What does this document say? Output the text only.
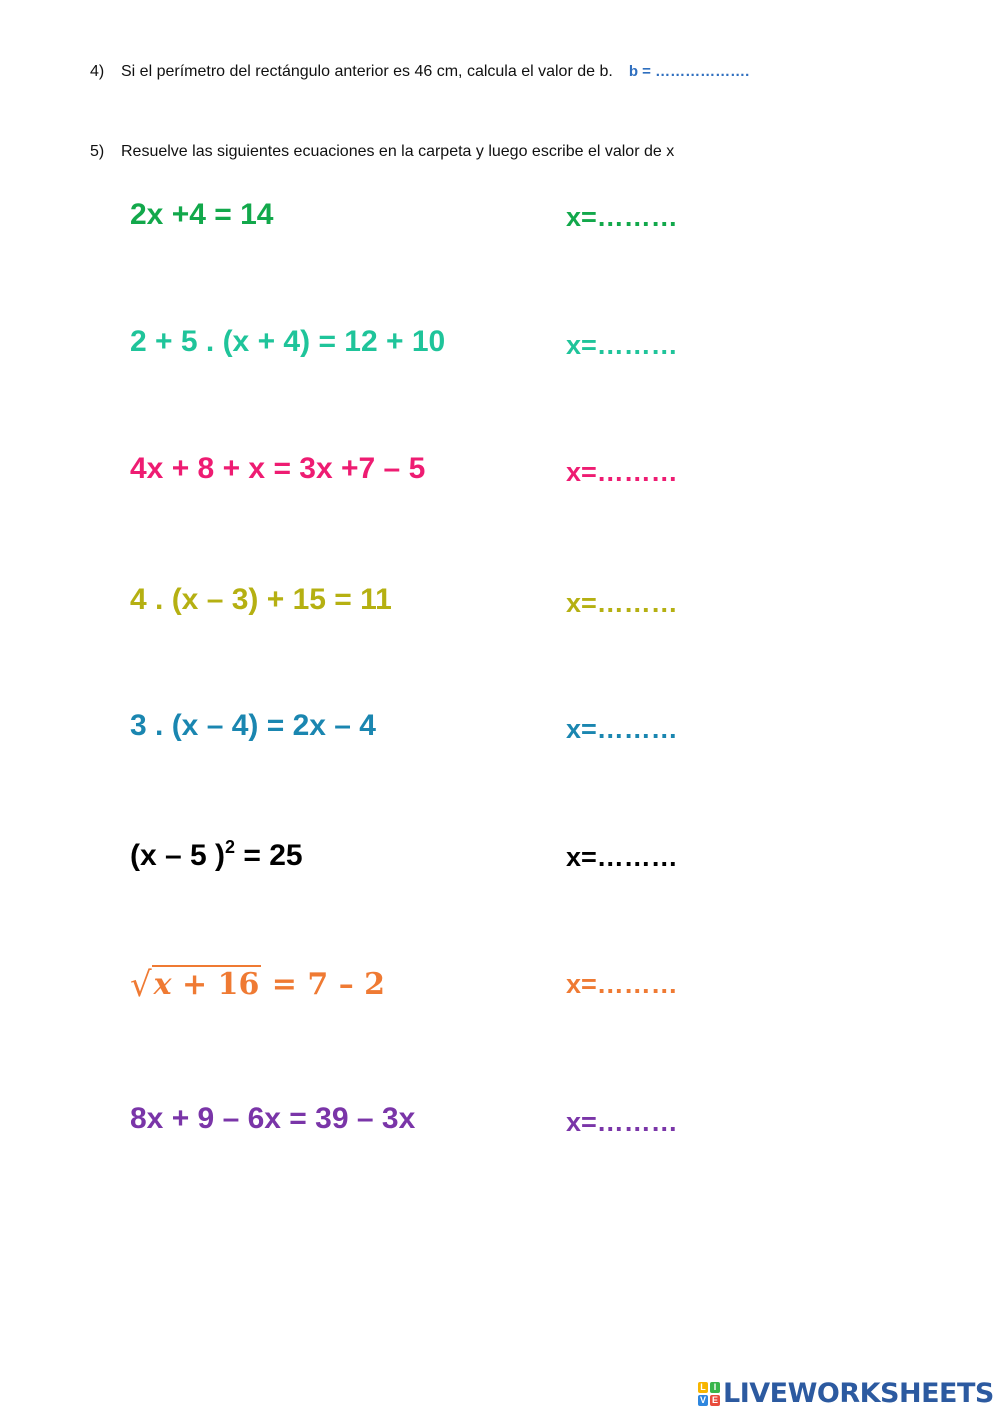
4) Si el perímetro del rectángulo anterior es 46 cm, calcula el valor de b. b = ……………….
5) Resuelve las siguientes ecuaciones en la carpeta y luego escribe el valor de x
2x +4 = 14	x=………
2 + 5 . (x + 4) = 12 + 10	x=………
4x + 8 + x = 3x +7 – 5	x=………
4 . (x – 3) + 15 = 11	x=………
3 . (x – 4) = 2x – 4	x=………
(x – 5 )$^2$ = 25	x=………
√x + 16 = 7 – 2	x=………
8x + 9 – 6x = 39 – 3x	x=………
L I
V E LIVEWORKSHEETS
